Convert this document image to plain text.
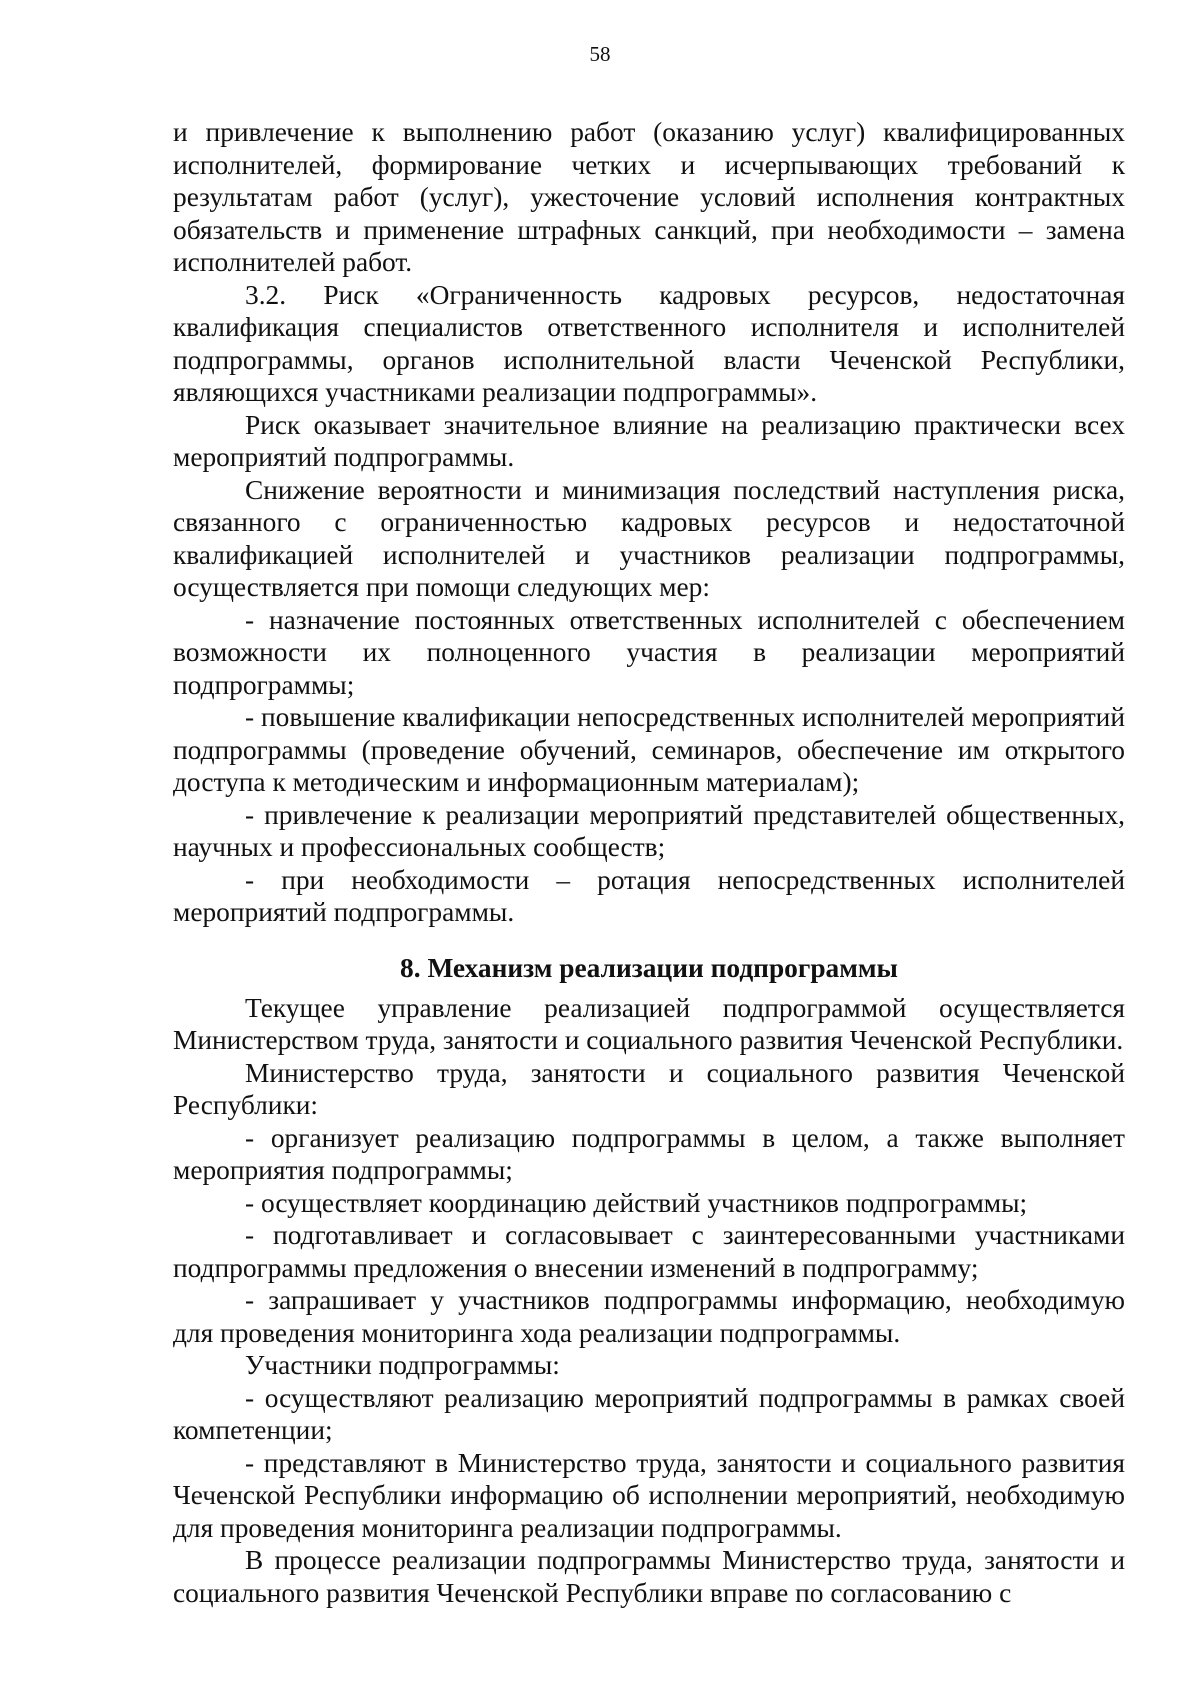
58

и привлечение к выполнению работ (оказанию услуг) квалифицированных исполнителей, формирование четких и исчерпывающих требований к результатам работ (услуг), ужесточение условий исполнения контрактных обязательств и применение штрафных санкций, при необходимости – замена исполнителей работ.

3.2. Риск «Ограниченность кадровых ресурсов, недостаточная квалификация специалистов ответственного исполнителя и исполнителей подпрограммы, органов исполнительной власти Чеченской Республики, являющихся участниками реализации подпрограммы».

Риск оказывает значительное влияние на реализацию практически всех мероприятий подпрограммы.

Снижение вероятности и минимизация последствий наступления риска, связанного с ограниченностью кадровых ресурсов и недостаточной квалификацией исполнителей и участников реализации подпрограммы, осуществляется при помощи следующих мер:

- назначение постоянных ответственных исполнителей с обеспечением возможности их полноценного участия в реализации мероприятий подпрограммы;

- повышение квалификации непосредственных исполнителей мероприятий подпрограммы (проведение обучений, семинаров, обеспечение им открытого доступа к методическим и информационным материалам);

- привлечение к реализации мероприятий представителей общественных, научных и профессиональных сообществ;

- при необходимости – ротация непосредственных исполнителей мероприятий подпрограммы.

8. Механизм реализации подпрограммы

Текущее управление реализацией подпрограммой осуществляется Министерством труда, занятости и социального развития Чеченской Республики.

Министерство труда, занятости и социального развития Чеченской Республики:

- организует реализацию подпрограммы в целом, а также выполняет мероприятия подпрограммы;

- осуществляет координацию действий участников подпрограммы;

- подготавливает и согласовывает с заинтересованными участниками подпрограммы предложения о внесении изменений в подпрограмму;

- запрашивает у участников подпрограммы информацию, необходимую для проведения мониторинга хода реализации подпрограммы.

Участники подпрограммы:

- осуществляют реализацию мероприятий подпрограммы в рамках своей компетенции;

- представляют в Министерство труда, занятости и социального развития Чеченской Республики информацию об исполнении мероприятий, необходимую для проведения мониторинга реализации подпрограммы.

В процессе реализации подпрограммы Министерство труда, занятости и социального развития Чеченской Республики вправе по согласованию с
